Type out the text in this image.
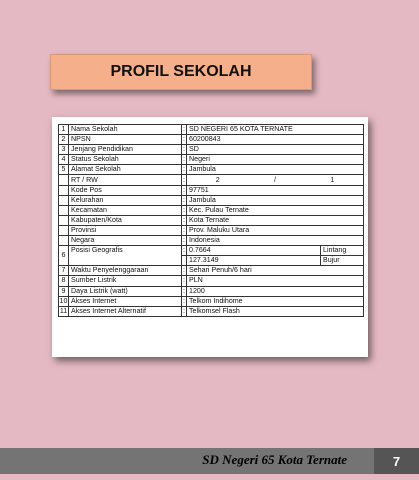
PROFIL SEKOLAH
1	Nama Sekolah	:	SD NEGERI 65 KOTA TERNATE	
2	NPSN	:	60200843	
3	Jenjang Pendidikan	:	SD	
4	Status Sekolah	:	Negeri	
5	Alamat Sekolah	:	Jambula	
	RT / RW	:	2 / 1	

	Kode Pos	:	97751	
	Kelurahan	:	Jambula	
	Kecamatan	:	Kec. Pulau Ternate	
	Kabupaten/Kota	:	Kota Ternate	
	Provinsi	:	Prov. Maluku Utara	
	Negara	:	Indonesia	
6	Posisi Geografis	:	0.7664	Lintang
			127.3149	Bujur
7	Waktu Penyelenggaraan	:	Sehari Penuh/6 hari	
8	Sumber Listrik	:	PLN	
9	Daya Listrik (watt)	:	1200	
10	Akses Internet	:	Telkom Indihome	
11	Akses Internet Alternatif	:	Telkomsel Flash	
SD Negeri 65 Kota Ternate	7
